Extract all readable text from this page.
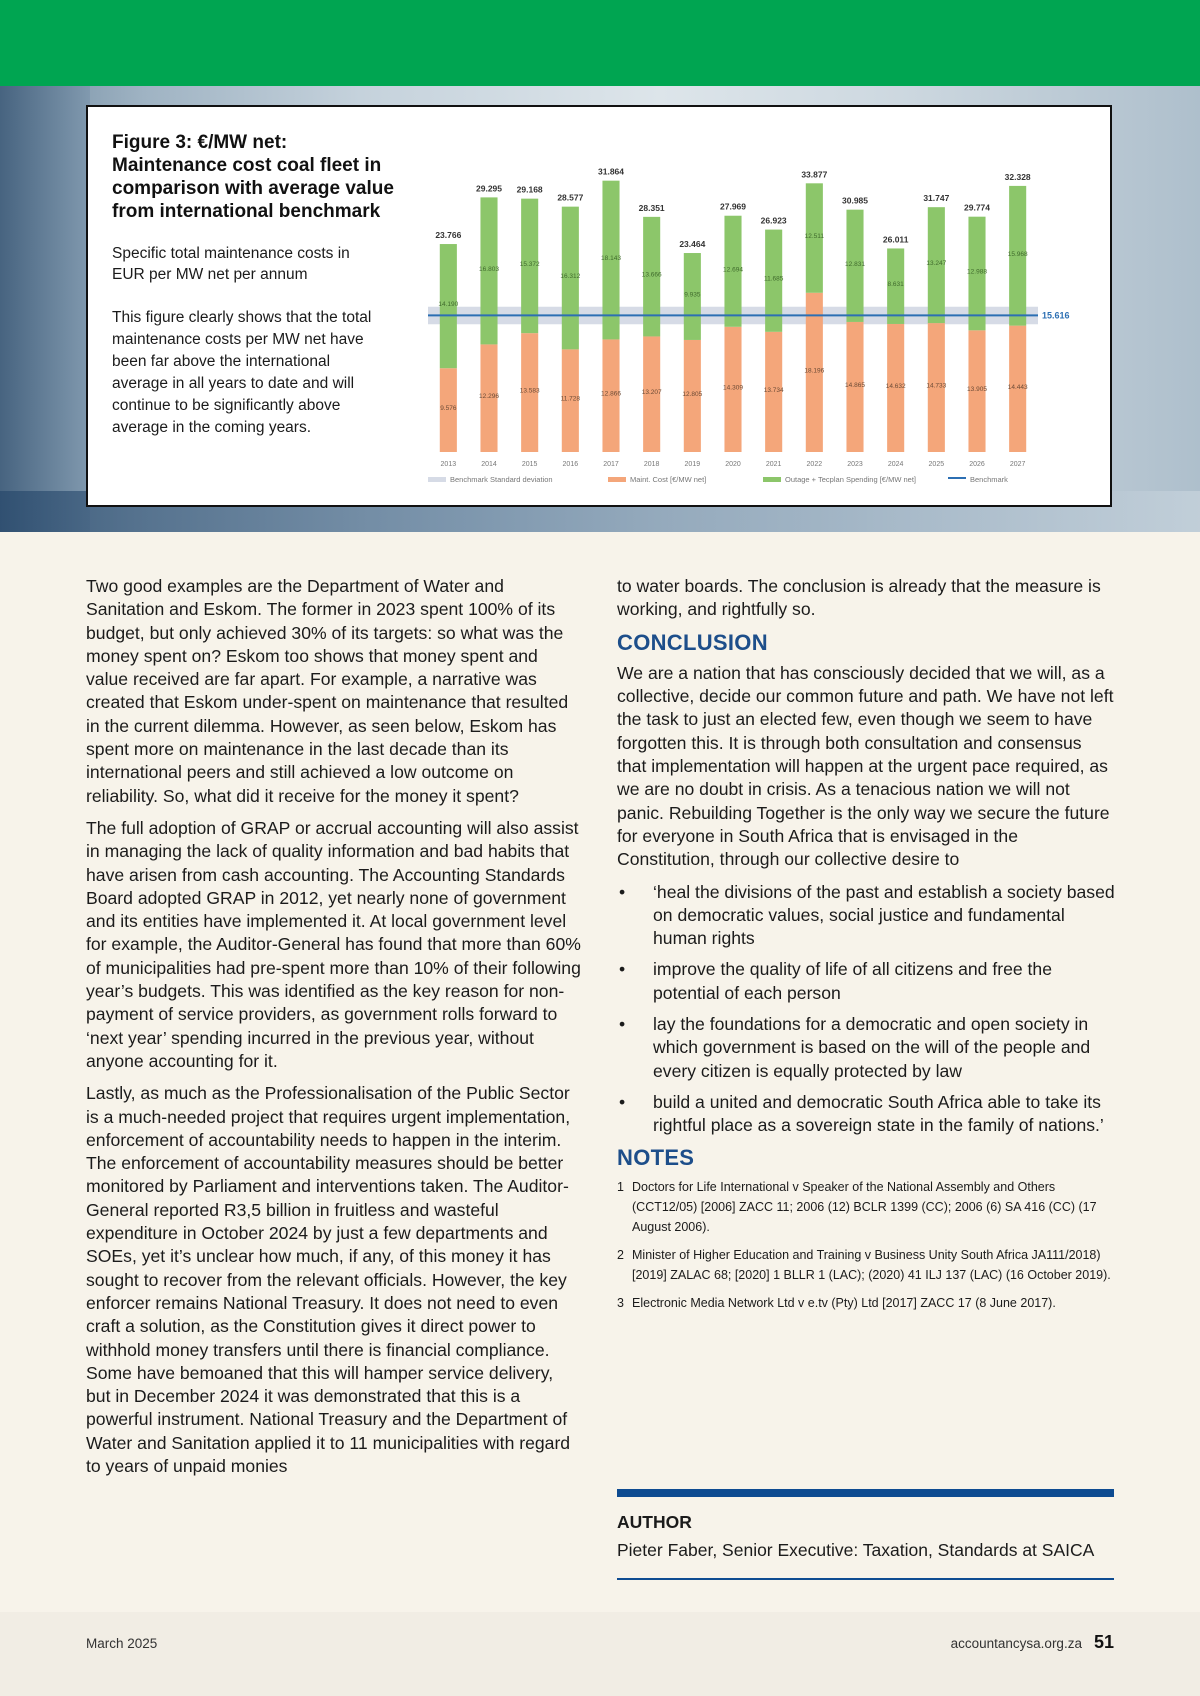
Figure 3: €/MW net: Maintenance cost coal fleet in comparison with average value from international benchmark
Specific total maintenance costs in EUR per MW net per annum
This figure clearly shows that the total maintenance costs per MW net have been far above the international average in all years to date and will continue to be significantly above average in the coming years.
23.766
9.576
14.190
2013
29.295
12.296
16.803
2014
29.168
13.583
15.372
2015
28.577
11.728
16.312
2016
31.864
12.866
18.143
2017
28.351
13.207
13.666
2018
23.464
12.805
9.935
2019
27.969
14.309
12.694
2020
26.923
13.734
11.685
2021
33.877
18.196
12.511
2022
30.985
14.865
12.831
2023
26.011
14.632
8.631
2024
31.747
14.733
13.247
2025
29.774
13.905
12.988
2026
32.328
14.443
15.968
2027
15.616
Benchmark Standard deviation	Maint. Cost [€/MW net]	Outage + Tecplan Spending [€/MW net]	Benchmark

Two good examples are the Department of Water and Sanitation and Eskom. The former in 2023 spent 100% of its budget, but only achieved 30% of its targets: so what was the money spent on? Eskom too shows that money spent and value received are far apart. For example, a narrative was created that Eskom under-spent on maintenance that resulted in the current dilemma. However, as seen below, Eskom has spent more on maintenance in the last decade than its international peers and still achieved a low outcome on reliability. So, what did it receive for the money it spent?

The full adoption of GRAP or accrual accounting will also assist in managing the lack of quality information and bad habits that have arisen from cash accounting. The Accounting Standards Board adopted GRAP in 2012, yet nearly none of government and its entities have implemented it. At local government level for example, the Auditor-General has found that more than 60% of municipalities had pre-spent more than 10% of their following year’s budgets. This was identified as the key reason for non-payment of service providers, as government rolls forward to ‘next year’ spending incurred in the previous year, without anyone accounting for it.

Lastly, as much as the Professionalisation of the Public Sector is a much-needed project that requires urgent implementation, enforcement of accountability needs to happen in the interim. The enforcement of accountability measures should be better monitored by Parliament and interventions taken. The Auditor-General reported R3,5 billion in fruitless and wasteful expenditure in October 2024 by just a few departments and SOEs, yet it’s unclear how much, if any, of this money it has sought to recover from the relevant officials. However, the key enforcer remains National Treasury. It does not need to even craft a solution, as the Constitution gives it direct power to withhold money transfers until there is financial compliance. Some have bemoaned that this will hamper service delivery, but in December 2024 it was demonstrated that this is a powerful instrument. National Treasury and the Department of Water and Sanitation applied it to 11 municipalities with regard to years of unpaid monies

to water boards. The conclusion is already that the measure is working, and rightfully so.

CONCLUSION

We are a nation that has consciously decided that we will, as a collective, decide our common future and path. We have not left the task to just an elected few, even though we seem to have forgotten this. It is through both consultation and consensus that implementation will happen at the urgent pace required, as we are no doubt in crisis. As a tenacious nation we will not panic. Rebuilding Together is the only way we secure the future for everyone in South Africa that is envisaged in the Constitution, through our collective desire to

• ‘heal the divisions of the past and establish a society based on democratic values, social justice and fundamental human rights
• improve the quality of life of all citizens and free the potential of each person
• lay the foundations for a democratic and open society in which government is based on the will of the people and every citizen is equally protected by law
• build a united and democratic South Africa able to take its rightful place as a sovereign state in the family of nations.’
NOTES
1 Doctors for Life International v Speaker of the National Assembly and Others (CCT12/05) [2006] ZACC 11; 2006 (12) BCLR 1399 (CC); 2006 (6) SA 416 (CC) (17 August 2006).
2 Minister of Higher Education and Training v Business Unity South Africa JA111/2018) [2019] ZALAC 68; [2020] 1 BLLR 1 (LAC); (2020) 41 ILJ 137 (LAC) (16 October 2019).
3 Electronic Media Network Ltd v e.tv (Pty) Ltd [2017] ZACC 17 (8 June 2017).
AUTHOR
Pieter Faber, Senior Executive: Taxation, Standards at SAICA
March 2025	accountancysa.org.za 51
